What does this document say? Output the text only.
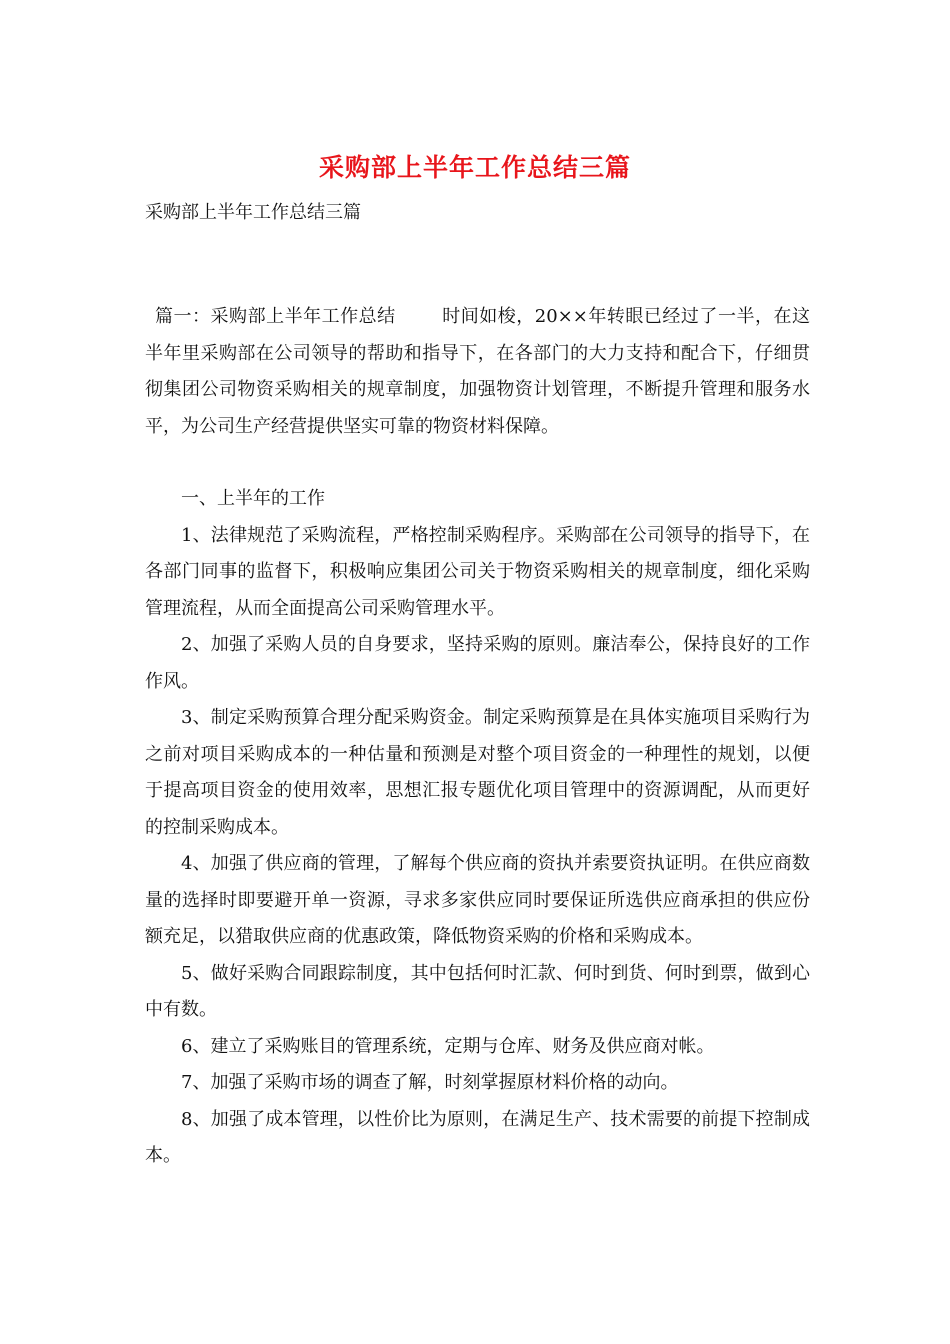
采购部上半年工作总结三篇
采购部上半年工作总结三篇
篇一：采购部上半年工作总结	时间如梭，20××年转眼已经过了一半，在这半年里采购部在公司领导的帮助和指导下，在各部门的大力支持和配合下，仔细贯彻集团公司物资采购相关的规章制度，加强物资计划管理，不断提升管理和服务水平，为公司生产经营提供坚实可靠的物资材料保障。

一、上半年的工作

1、法律规范了采购流程，严格控制采购程序。采购部在公司领导的指导下，在各部门同事的监督下，积极响应集团公司关于物资采购相关的规章制度，细化采购管理流程，从而全面提高公司采购管理水平。

2、加强了采购人员的自身要求，坚持采购的原则。廉洁奉公，保持良好的工作作风。

3、制定采购预算合理分配采购资金。制定采购预算是在具体实施项目采购行为之前对项目采购成本的一种估量和预测是对整个项目资金的一种理性的规划，以便于提高项目资金的使用效率，思想汇报专题优化项目管理中的资源调配，从而更好的控制采购成本。

4、加强了供应商的管理，了解每个供应商的资执并索要资执证明。在供应商数量的选择时即要避开单一资源，寻求多家供应同时要保证所选供应商承担的供应份额充足，以猎取供应商的优惠政策，降低物资采购的价格和采购成本。

5、做好采购合同跟踪制度，其中包括何时汇款、何时到货、何时到票，做到心中有数。

6、建立了采购账目的管理系统，定期与仓库、财务及供应商对帐。

7、加强了采购市场的调查了解，时刻掌握原材料价格的动向。

8、加强了成本管理，以性价比为原则，在满足生产、技术需要的前提下控制成本。
